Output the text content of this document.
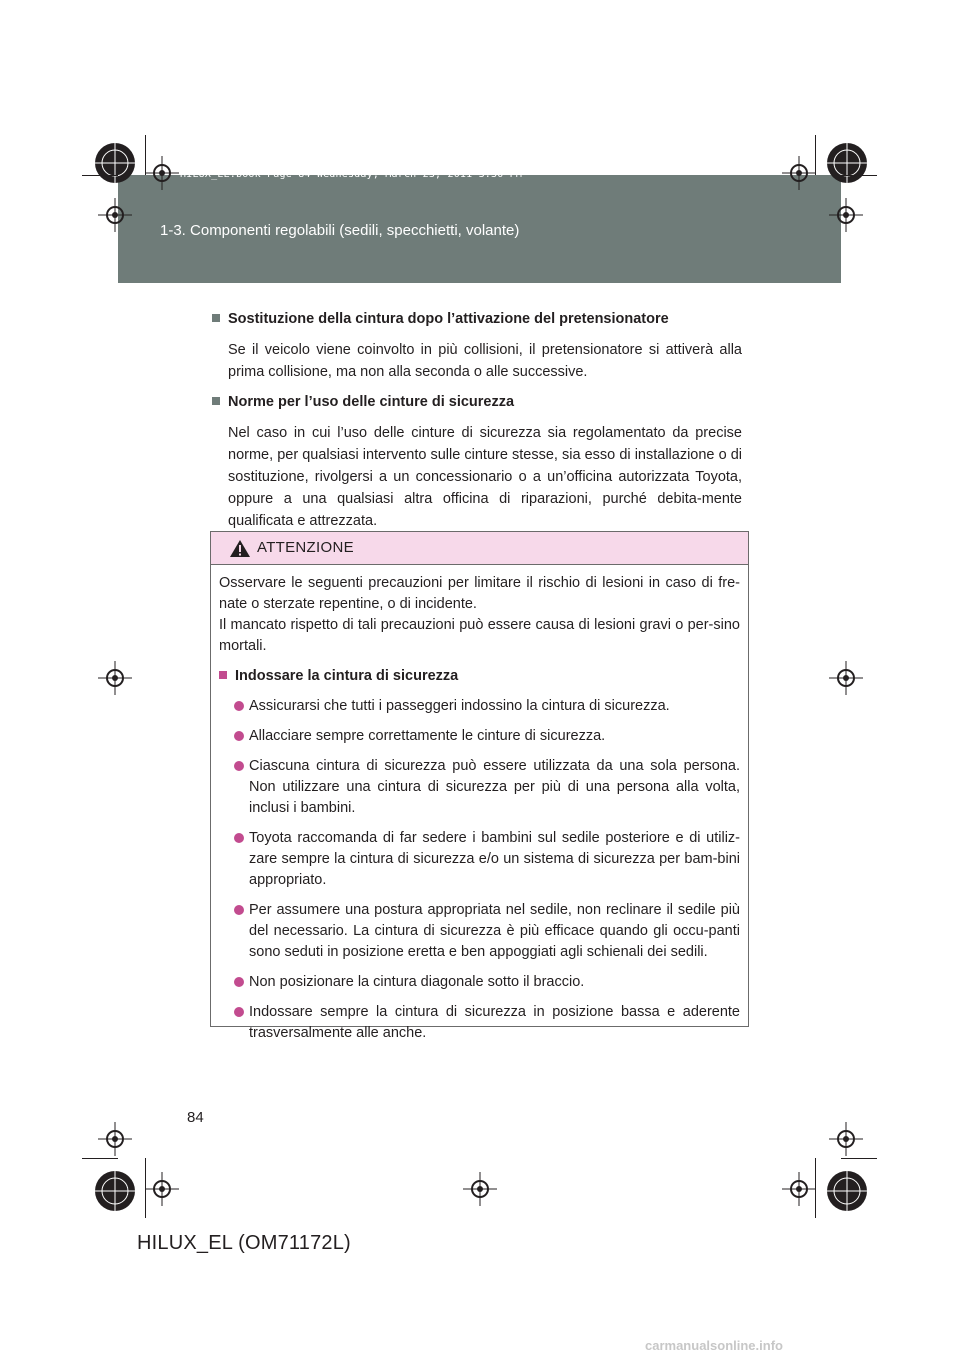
HILUX_EL.book Page 84 Wednesday, March 23, 2011 3:30 PM
1-3. Componenti regolabili (sedili, specchietti, volante)
Sostituzione della cintura dopo l’attivazione del pretensionatore

Se il veicolo viene coinvolto in più collisioni, il pretensionatore si attiverà alla prima collisione, ma non alla seconda o alle successive.

Norme per l’uso delle cinture di sicurezza

Nel caso in cui l’uso delle cinture di sicurezza sia regolamentato da precise norme, per qualsiasi intervento sulle cinture stesse, sia esso di installazione o di sostituzione, rivolgersi a un concessionario o a un’officina autorizzata Toyota, oppure a una qualsiasi altra officina di riparazioni, purché debita-mente qualificata e attrezzata.

ATTENZIONE

Osservare le seguenti precauzioni per limitare il rischio di lesioni in caso di fre-nate o sterzate repentine, o di incidente.
Il mancato rispetto di tali precauzioni può essere causa di lesioni gravi o per-sino mortali.

Indossare la cintura di sicurezza
Assicurarsi che tutti i passeggeri indossino la cintura di sicurezza.
Allacciare sempre correttamente le cinture di sicurezza.
Ciascuna cintura di sicurezza può essere utilizzata da una sola persona. Non utilizzare una cintura di sicurezza per più di una persona alla volta, inclusi i bambini.
Toyota raccomanda di far sedere i bambini sul sedile posteriore e di utiliz-zare sempre la cintura di sicurezza e/o un sistema di sicurezza per bam-bini appropriato.
Per assumere una postura appropriata nel sedile, non reclinare il sedile più del necessario. La cintura di sicurezza è più efficace quando gli occu-panti sono seduti in posizione eretta e ben appoggiati agli schienali dei sedili.
Non posizionare la cintura diagonale sotto il braccio.
Indossare sempre la cintura di sicurezza in posizione bassa e aderente trasversalmente alle anche.
84
HILUX_EL (OM71172L)
carmanualsonline.info
